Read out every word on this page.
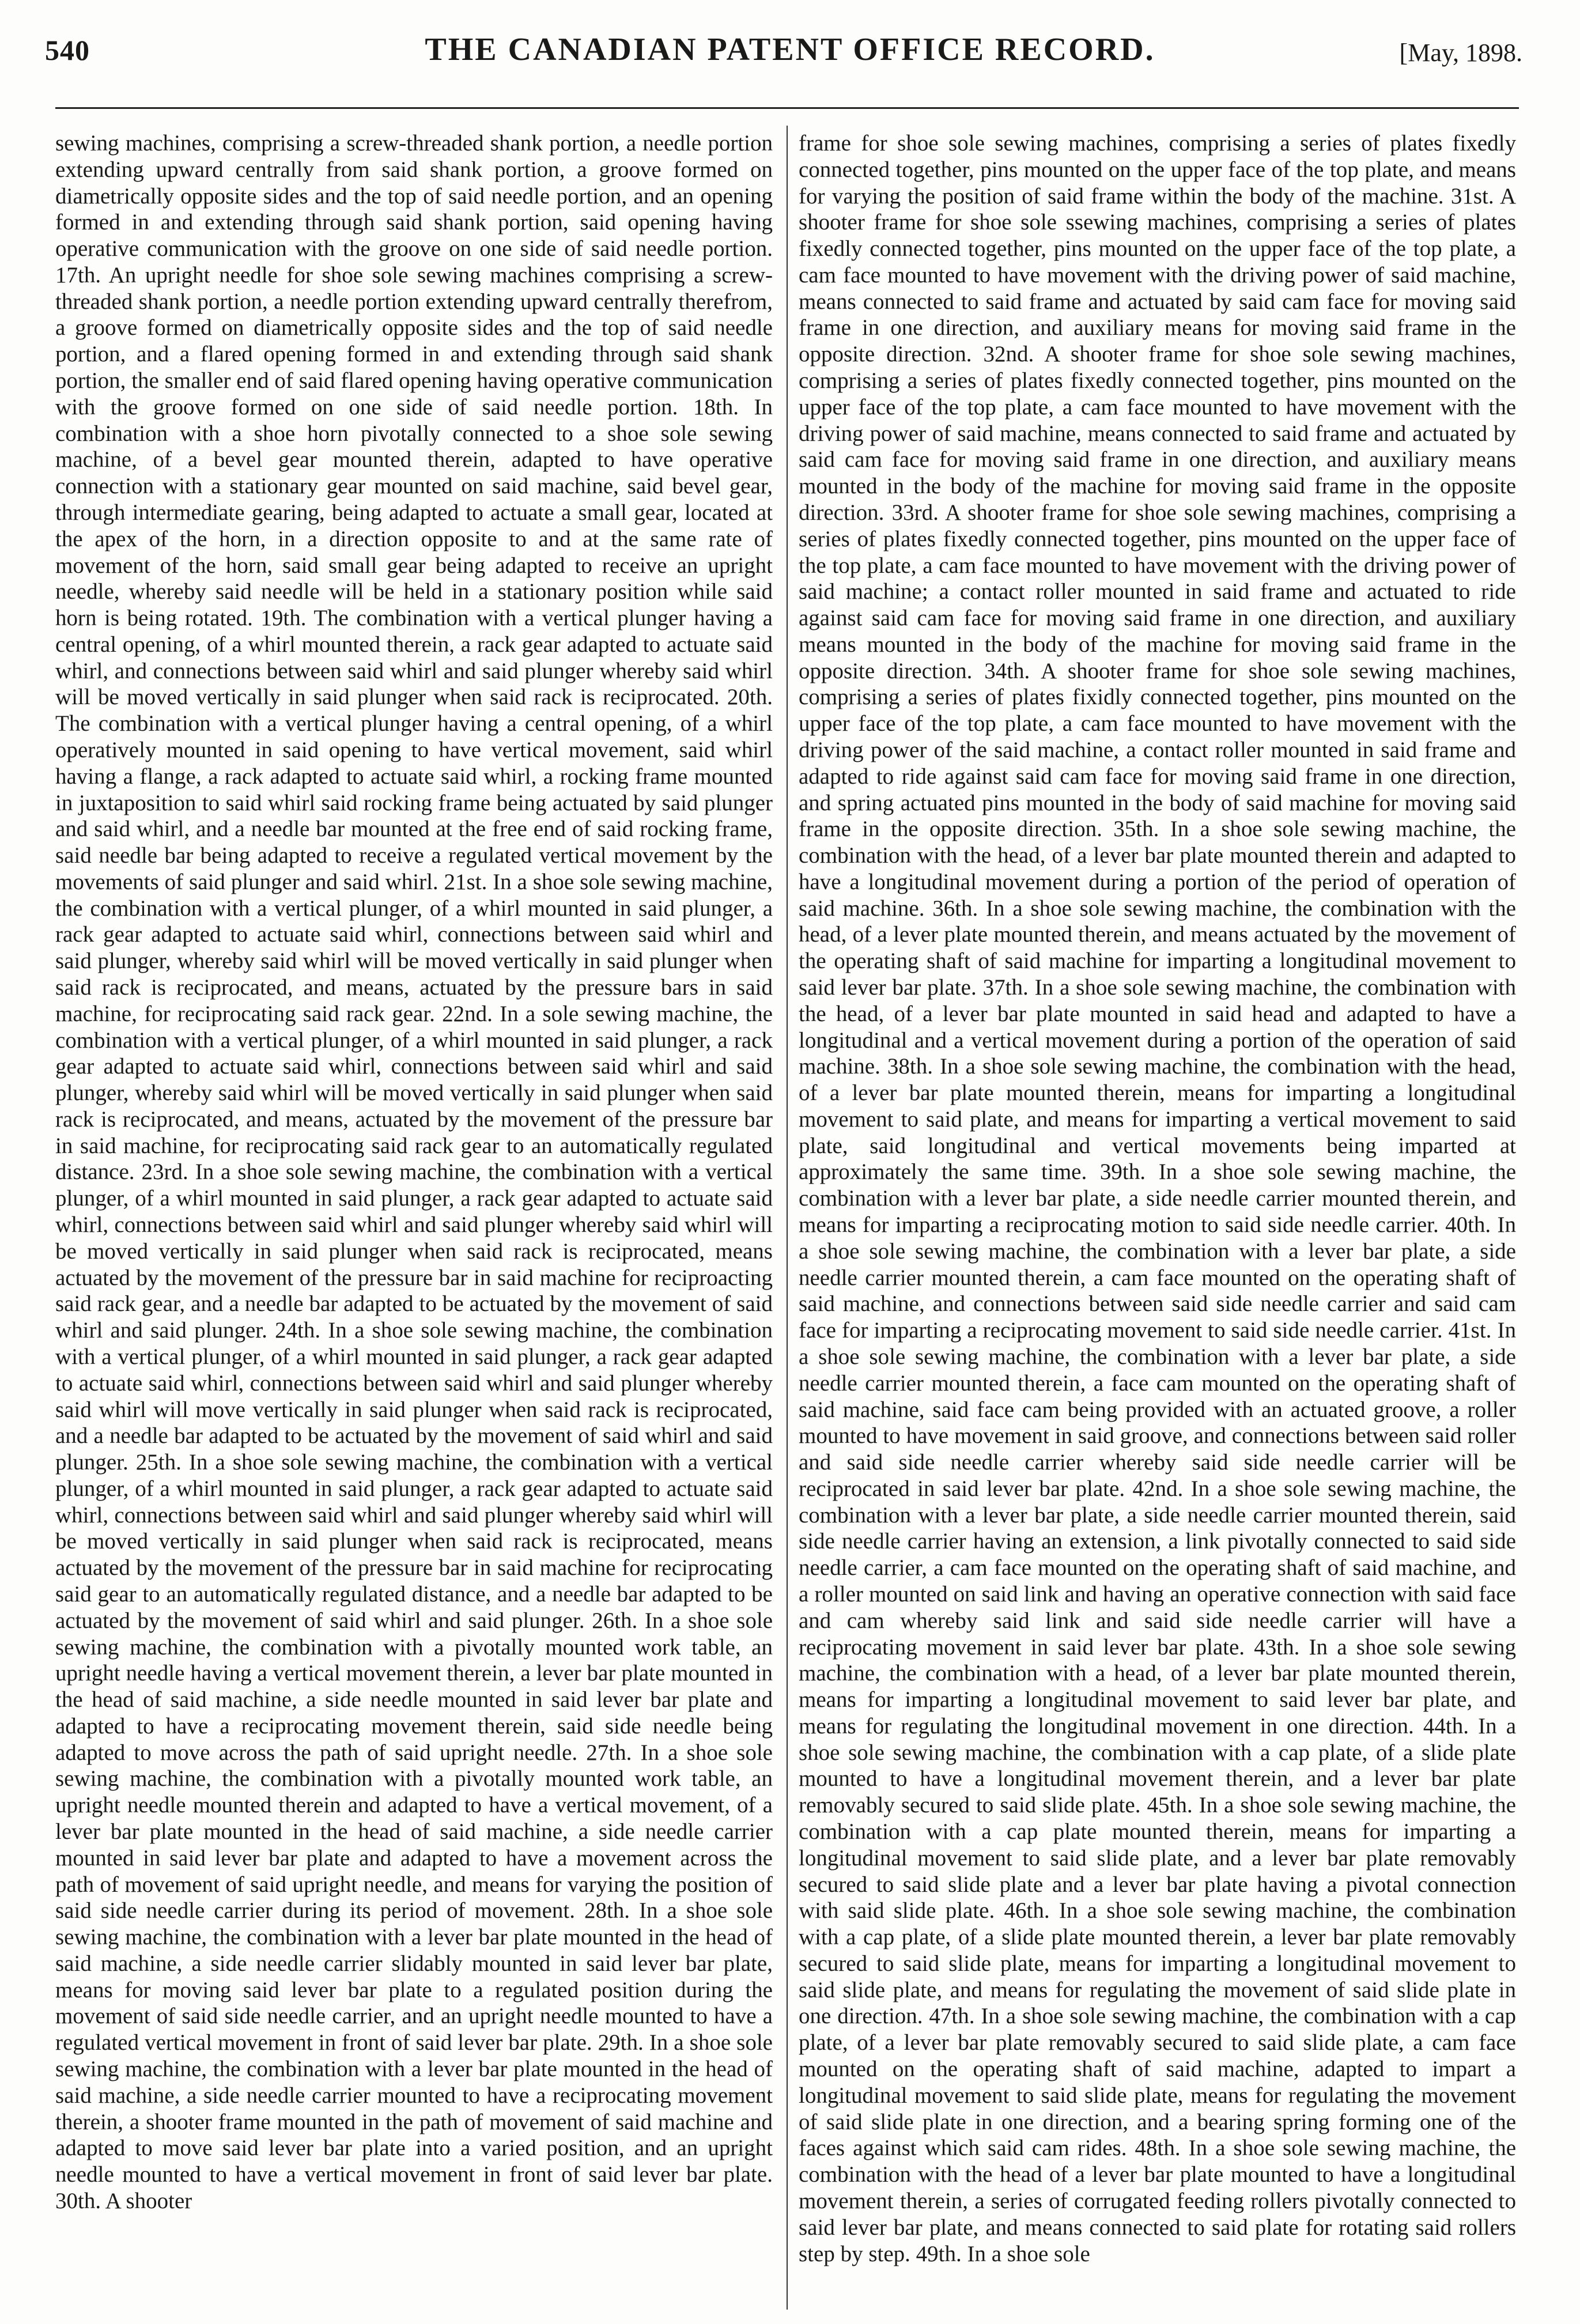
540	THE CANADIAN PATENT OFFICE RECORD.	[May, 1898.

sewing machines, comprising a screw-threaded shank portion, a needle portion extending upward centrally from said shank portion, a groove formed on diametrically opposite sides and the top of said needle portion, and an opening formed in and extending through said shank portion, said opening having operative communication with the groove on one side of said needle portion. 17th. An upright needle for shoe sole sewing machines comprising a screw-threaded shank portion, a needle portion extending upward centrally therefrom, a groove formed on diametrically opposite sides and the top of said needle portion, and a flared opening formed in and extending through said shank portion, the smaller end of said flared opening having operative communication with the groove formed on one side of said needle portion. 18th. In combination with a shoe horn pivotally connected to a shoe sole sewing machine, of a bevel gear mounted therein, adapted to have operative connection with a stationary gear mounted on said machine, said bevel gear, through intermediate gearing, being adapted to actuate a small gear, located at the apex of the horn, in a direction opposite to and at the same rate of movement of the horn, said small gear being adapted to receive an upright needle, whereby said needle will be held in a stationary position while said horn is being rotated. 19th. The combination with a vertical plunger having a central opening, of a whirl mounted therein, a rack gear adapted to actuate said whirl, and connections between said whirl and said plunger whereby said whirl will be moved vertically in said plunger when said rack is reciprocated. 20th. The combination with a vertical plunger having a central opening, of a whirl operatively mounted in said opening to have vertical movement, said whirl having a flange, a rack adapted to actuate said whirl, a rocking frame mounted in juxtaposition to said whirl said rocking frame being actuated by said plunger and said whirl, and a needle bar mounted at the free end of said rocking frame, said needle bar being adapted to receive a regulated vertical movement by the movements of said plunger and said whirl. 21st. In a shoe sole sewing machine, the combination with a vertical plunger, of a whirl mounted in said plunger, a rack gear adapted to actuate said whirl, connections between said whirl and said plunger, whereby said whirl will be moved vertically in said plunger when said rack is reciprocated, and means, actuated by the pressure bars in said machine, for reciprocating said rack gear. 22nd. In a sole sewing machine, the combination with a vertical plunger, of a whirl mounted in said plunger, a rack gear adapted to actuate said whirl, connections between said whirl and said plunger, whereby said whirl will be moved vertically in said plunger when said rack is reciprocated, and means, actuated by the movement of the pressure bar in said machine, for reciprocating said rack gear to an automatically regulated distance. 23rd. In a shoe sole sewing machine, the combination with a vertical plunger, of a whirl mounted in said plunger, a rack gear adapted to actuate said whirl, connections between said whirl and said plunger whereby said whirl will be moved vertically in said plunger when said rack is reciprocated, means actuated by the movement of the pressure bar in said machine for reciproacting said rack gear, and a needle bar adapted to be actuated by the movement of said whirl and said plunger. 24th. In a shoe sole sewing machine, the combination with a vertical plunger, of a whirl mounted in said plunger, a rack gear adapted to actuate said whirl, connections between said whirl and said plunger whereby said whirl will move vertically in said plunger when said rack is reciprocated, and a needle bar adapted to be actuated by the movement of said whirl and said plunger. 25th. In a shoe sole sewing machine, the combination with a vertical plunger, of a whirl mounted in said plunger, a rack gear adapted to actuate said whirl, connections between said whirl and said plunger whereby said whirl will be moved vertically in said plunger when said rack is reciprocated, means actuated by the movement of the pressure bar in said machine for reciprocating said gear to an automatically regulated distance, and a needle bar adapted to be actuated by the movement of said whirl and said plunger. 26th. In a shoe sole sewing machine, the combination with a pivotally mounted work table, an upright needle having a vertical movement therein, a lever bar plate mounted in the head of said machine, a side needle mounted in said lever bar plate and adapted to have a reciprocating movement therein, said side needle being adapted to move across the path of said upright needle. 27th. In a shoe sole sewing machine, the combination with a pivotally mounted work table, an upright needle mounted therein and adapted to have a vertical movement, of a lever bar plate mounted in the head of said machine, a side needle carrier mounted in said lever bar plate and adapted to have a movement across the path of movement of said upright needle, and means for varying the position of said side needle carrier during its period of movement. 28th. In a shoe sole sewing machine, the combination with a lever bar plate mounted in the head of said machine, a side needle carrier slidably mounted in said lever bar plate, means for moving said lever bar plate to a regulated position during the movement of said side needle carrier, and an upright needle mounted to have a regulated vertical movement in front of said lever bar plate. 29th. In a shoe sole sewing machine, the combination with a lever bar plate mounted in the head of said machine, a side needle carrier mounted to have a reciprocating movement therein, a shooter frame mounted in the path of movement of said machine and adapted to move said lever bar plate into a varied position, and an upright needle mounted to have a vertical movement in front of said lever bar plate. 30th. A shooter

frame for shoe sole sewing machines, comprising a series of plates fixedly connected together, pins mounted on the upper face of the top plate, and means for varying the position of said frame within the body of the machine. 31st. A shooter frame for shoe sole ssewing machines, comprising a series of plates fixedly connected together, pins mounted on the upper face of the top plate, a cam face mounted to have movement with the driving power of said machine, means connected to said frame and actuated by said cam face for moving said frame in one direction, and auxiliary means for moving said frame in the opposite direction. 32nd. A shooter frame for shoe sole sewing machines, comprising a series of plates fixedly connected together, pins mounted on the upper face of the top plate, a cam face mounted to have movement with the driving power of said machine, means connected to said frame and actuated by said cam face for moving said frame in one direction, and auxiliary means mounted in the body of the machine for moving said frame in the opposite direction. 33rd. A shooter frame for shoe sole sewing machines, comprising a series of plates fixedly connected together, pins mounted on the upper face of the top plate, a cam face mounted to have movement with the driving power of said machine; a contact roller mounted in said frame and actuated to ride against said cam face for moving said frame in one direction, and auxiliary means mounted in the body of the machine for moving said frame in the opposite direction. 34th. A shooter frame for shoe sole sewing machines, comprising a series of plates fixidly connected together, pins mounted on the upper face of the top plate, a cam face mounted to have movement with the driving power of the said machine, a contact roller mounted in said frame and adapted to ride against said cam face for moving said frame in one direction, and spring actuated pins mounted in the body of said machine for moving said frame in the opposite direction. 35th. In a shoe sole sewing machine, the combination with the head, of a lever bar plate mounted therein and adapted to have a longitudinal movement during a portion of the period of operation of said machine. 36th. In a shoe sole sewing machine, the combination with the head, of a lever plate mounted therein, and means actuated by the movement of the operating shaft of said machine for imparting a longitudinal movement to said lever bar plate. 37th. In a shoe sole sewing machine, the combination with the head, of a lever bar plate mounted in said head and adapted to have a longitudinal and a vertical movement during a portion of the operation of said machine. 38th. In a shoe sole sewing machine, the combination with the head, of a lever bar plate mounted therein, means for imparting a longitudinal movement to said plate, and means for imparting a vertical movement to said plate, said longitudinal and vertical movements being imparted at approximately the same time. 39th. In a shoe sole sewing machine, the combination with a lever bar plate, a side needle carrier mounted therein, and means for imparting a reciprocating motion to said side needle carrier. 40th. In a shoe sole sewing machine, the combination with a lever bar plate, a side needle carrier mounted therein, a cam face mounted on the operating shaft of said machine, and connections between said side needle carrier and said cam face for imparting a reciprocating movement to said side needle carrier. 41st. In a shoe sole sewing machine, the combination with a lever bar plate, a side needle carrier mounted therein, a face cam mounted on the operating shaft of said machine, said face cam being provided with an actuated groove, a roller mounted to have movement in said groove, and connections between said roller and said side needle carrier whereby said side needle carrier will be reciprocated in said lever bar plate. 42nd. In a shoe sole sewing machine, the combination with a lever bar plate, a side needle carrier mounted therein, said side needle carrier having an extension, a link pivotally connected to said side needle carrier, a cam face mounted on the operating shaft of said machine, and a roller mounted on said link and having an operative connection with said face and cam whereby said link and said side needle carrier will have a reciprocating movement in said lever bar plate. 43th. In a shoe sole sewing machine, the combination with a head, of a lever bar plate mounted therein, means for imparting a longitudinal movement to said lever bar plate, and means for regulating the longitudinal movement in one direction. 44th. In a shoe sole sewing machine, the combination with a cap plate, of a slide plate mounted to have a longitudinal movement therein, and a lever bar plate removably secured to said slide plate. 45th. In a shoe sole sewing machine, the combination with a cap plate mounted therein, means for imparting a longitudinal movement to said slide plate, and a lever bar plate removably secured to said slide plate and a lever bar plate having a pivotal connection with said slide plate. 46th. In a shoe sole sewing machine, the combination with a cap plate, of a slide plate mounted therein, a lever bar plate removably secured to said slide plate, means for imparting a longitudinal movement to said slide plate, and means for regulating the movement of said slide plate in one direction. 47th. In a shoe sole sewing machine, the combination with a cap plate, of a lever bar plate removably secured to said slide plate, a cam face mounted on the operating shaft of said machine, adapted to impart a longitudinal movement to said slide plate, means for regulating the movement of said slide plate in one direction, and a bearing spring forming one of the faces against which said cam rides. 48th. In a shoe sole sewing machine, the combination with the head of a lever bar plate mounted to have a longitudinal movement therein, a series of corrugated feeding rollers pivotally connected to said lever bar plate, and means connected to said plate for rotating said rollers step by step. 49th. In a shoe sole
